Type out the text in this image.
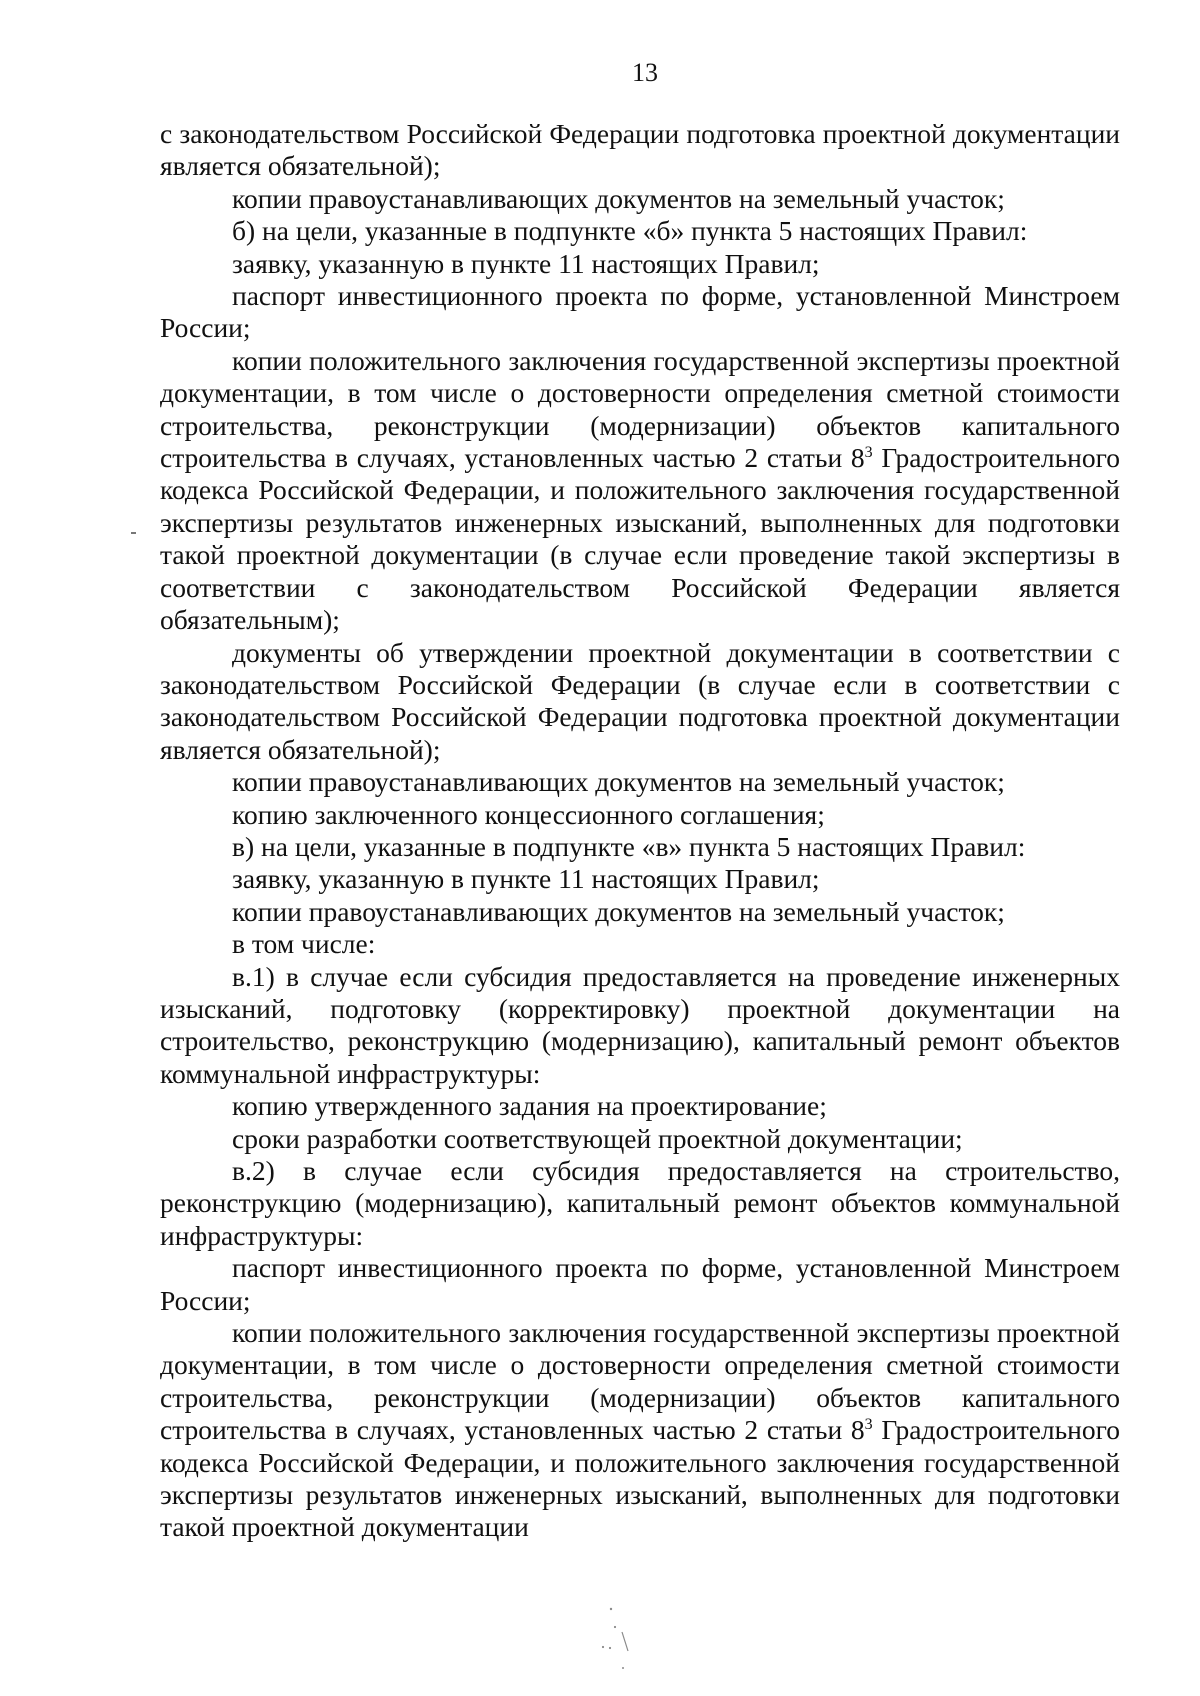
13

с законодательством Российской Федерации подготовка проектной документации является обязательной);

копии правоустанавливающих документов на земельный участок;

б) на цели, указанные в подпункте «б» пункта 5 настоящих Правил:

заявку, указанную в пункте 11 настоящих Правил;

паспорт инвестиционного проекта по форме, установленной Минстроем России;

копии положительного заключения государственной экспертизы проектной документации, в том числе о достоверности определения сметной стоимости строительства, реконструкции (модернизации) объектов капитального строительства в случаях, установленных частью 2 статьи $8^3$ Градостроительного кодекса Российской Федерации, и положительного заключения государственной экспертизы результатов инженерных изысканий, выполненных для подготовки такой проектной документации (в случае если проведение такой экспертизы в соответствии с законодательством Российской Федерации является обязательным);

документы об утверждении проектной документации в соответствии с законодательством Российской Федерации (в случае если в соответствии с законодательством Российской Федерации подготовка проектной документации является обязательной);

копии правоустанавливающих документов на земельный участок;

копию заключенного концессионного соглашения;

в) на цели, указанные в подпункте «в» пункта 5 настоящих Правил:

заявку, указанную в пункте 11 настоящих Правил;

копии правоустанавливающих документов на земельный участок;

в том числе:

в.1) в случае если субсидия предоставляется на проведение инженерных изысканий, подготовку (корректировку) проектной документации на строительство, реконструкцию (модернизацию), капитальный ремонт объектов коммунальной инфраструктуры:

копию утвержденного задания на проектирование;

сроки разработки соответствующей проектной документации;

в.2) в случае если субсидия предоставляется на строительство, реконструкцию (модернизацию), капитальный ремонт объектов коммунальной инфраструктуры:

паспорт инвестиционного проекта по форме, установленной Минстроем России;

копии положительного заключения государственной экспертизы проектной документации, в том числе о достоверности определения сметной стоимости строительства, реконструкции (модернизации) объектов капитального строительства в случаях, установленных частью 2 статьи $8^3$ Градостроительного кодекса Российской Федерации, и положительного заключения государственной экспертизы результатов инженерных изысканий, выполненных для подготовки такой проектной документации
